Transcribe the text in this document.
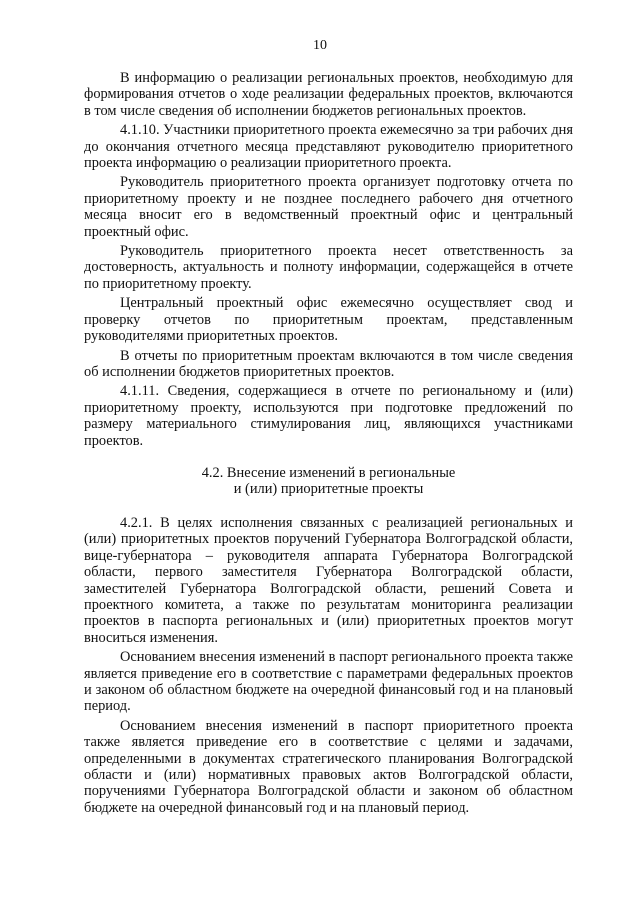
10

В информацию о реализации региональных проектов, необходимую для формирования отчетов о ходе реализации федеральных проектов, включаются в том числе сведения об исполнении бюджетов региональных проектов.

4.1.10. Участники приоритетного проекта ежемесячно за три рабочих дня до окончания отчетного месяца представляют руководителю приоритетного проекта информацию о реализации приоритетного проекта.

Руководитель приоритетного проекта организует подготовку отчета по приоритетному проекту и не позднее последнего рабочего дня отчетного месяца вносит его в ведомственный проектный офис и центральный проектный офис.

Руководитель приоритетного проекта несет ответственность за достоверность, актуальность и полноту информации, содержащейся в отчете по приоритетному проекту.

Центральный проектный офис ежемесячно осуществляет свод и проверку отчетов по приоритетным проектам, представленным руководителями приоритетных проектов.

В отчеты по приоритетным проектам включаются в том числе сведения об исполнении бюджетов приоритетных проектов.

4.1.11. Сведения, содержащиеся в отчете по региональному и (или) приоритетному проекту, используются при подготовке предложений по размеру материального стимулирования лиц, являющихся участниками проектов.

4.2. Внесение изменений в региональные
и (или) приоритетные проекты

4.2.1. В целях исполнения связанных с реализацией региональных и (или) приоритетных проектов поручений Губернатора Волгоградской области, вице-губернатора – руководителя аппарата Губернатора Волгоградской области, первого заместителя Губернатора Волгоградской области, заместителей Губернатора Волгоградской области, решений Совета и проектного комитета, а также по результатам мониторинга реализации проектов в паспорта региональных и (или) приоритетных проектов могут вноситься изменения.

Основанием внесения изменений в паспорт регионального проекта также является приведение его в соответствие с параметрами федеральных проектов и законом об областном бюджете на очередной финансовый год и на плановый период.

Основанием внесения изменений в паспорт приоритетного проекта также является приведение его в соответствие с целями и задачами, определенными в документах стратегического планирования Волгоградской области и (или) нормативных правовых актов Волгоградской области, поручениями Губернатора Волгоградской области и законом об областном бюджете на очередной финансовый год и на плановый период.
